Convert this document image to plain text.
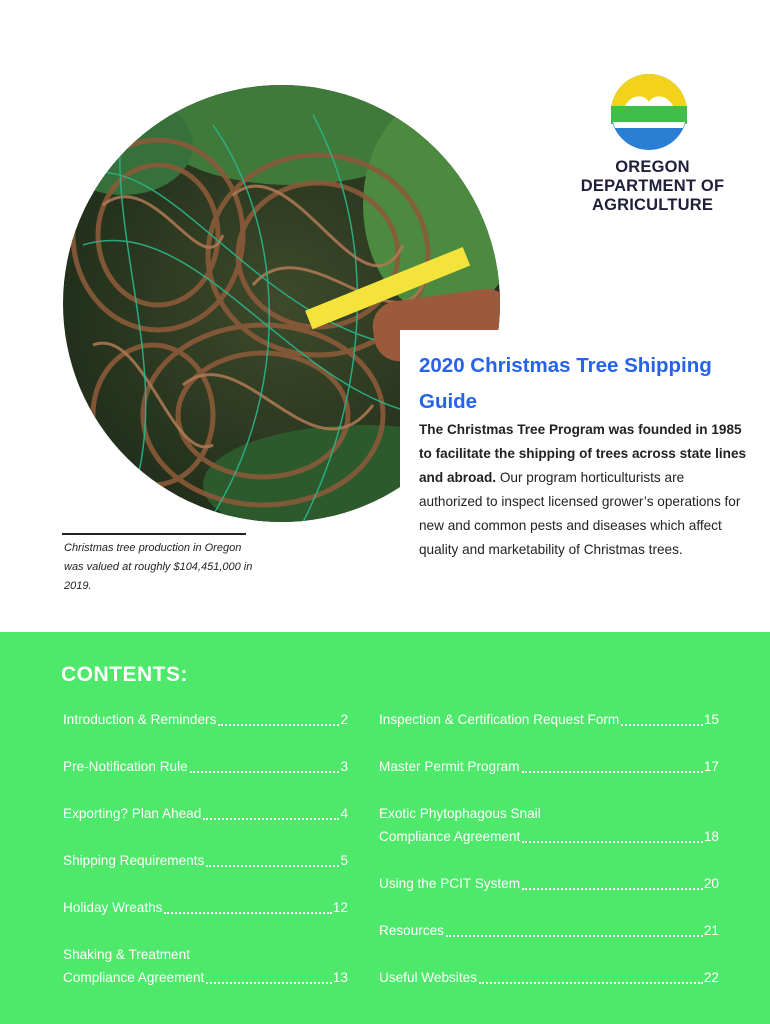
OREGON
DEPARTMENT OF
AGRICULTURE
Christmas tree production in Oregon was valued at roughly $104,451,000 in 2019.
2020 Christmas Tree Shipping Guide
The Christmas Tree Program was founded in 1985 to facilitate the shipping of trees across state lines and abroad. Our program horticulturists are authorized to inspect licensed grower’s operations for new and common pests and diseases which affect quality and marketability of Christmas trees.
CONTENTS:
Introduction & Reminders	2
Pre-Notification Rule	3
Exporting? Plan Ahead	4
Shipping Requirements	5
Holiday Wreaths	12
Shaking & Treatment
Compliance Agreement	13
Inspection & Certification Request Form	15
Master Permit Program	17
Exotic Phytophagous Snail
Compliance Agreement	18
Using the PCIT System	20
Resources	21
Useful Websites	22
